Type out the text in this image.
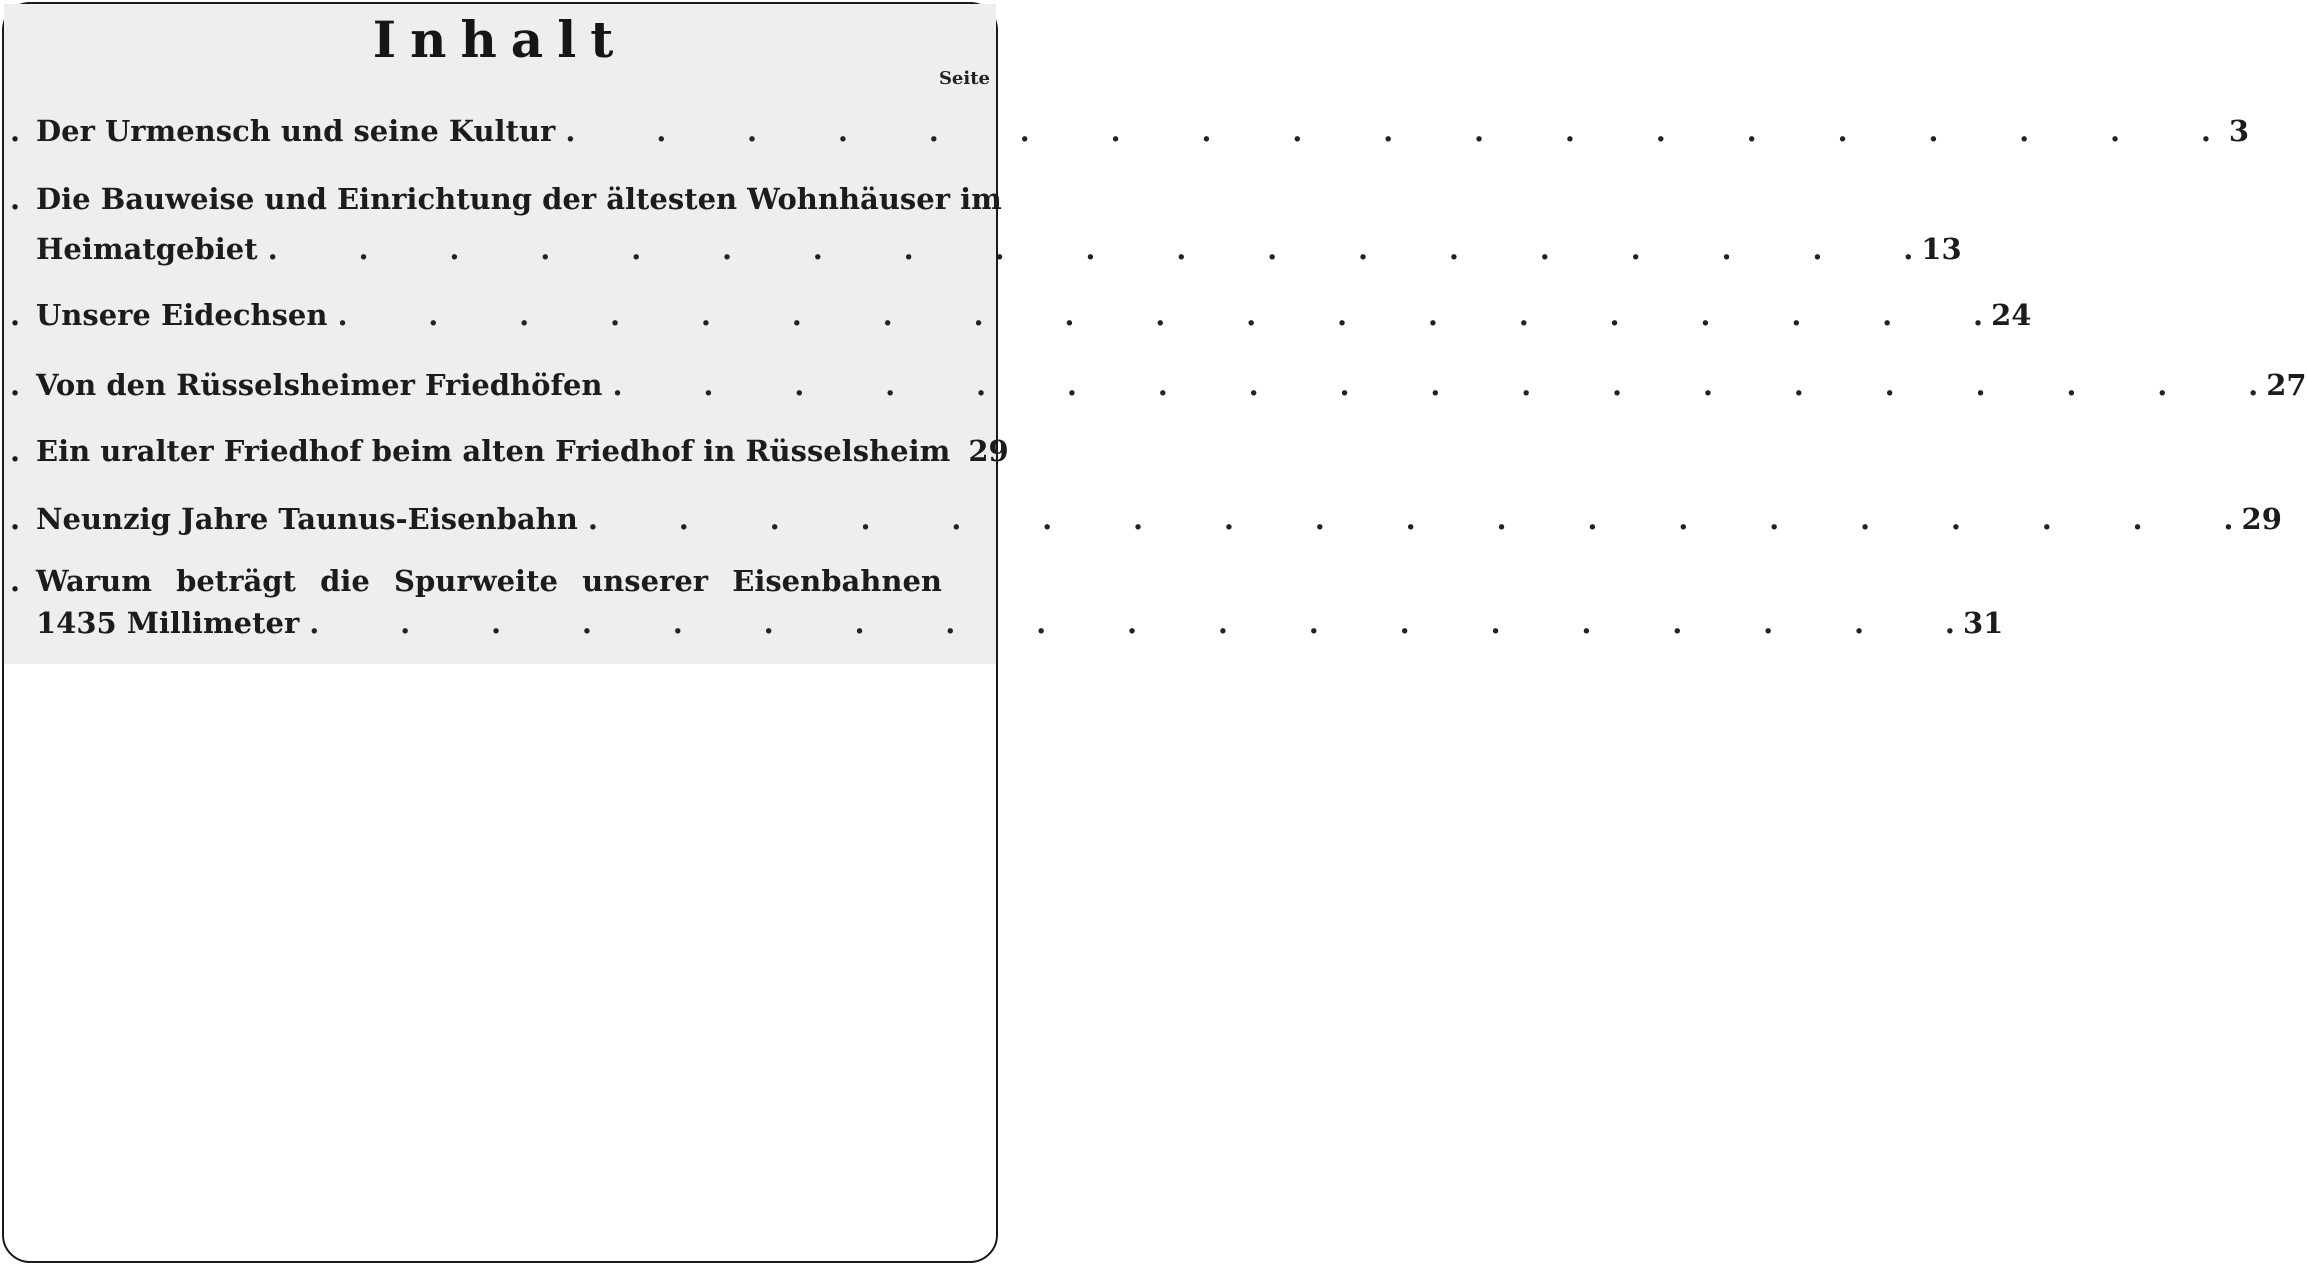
Inhalt
Seite
. Der Urmensch und seine Kultur .	3
. Die Bauweise und Einrichtung der ältesten Wohnhäuser im
Heimatgebiet .	13
. Unsere Eidechsen .	24
. Von den Rüsselsheimer Friedhöfen .	27
. Ein uralter Friedhof beim alten Friedhof in Rüsselsheim 29
. Neunzig Jahre Taunus-Eisenbahn .	29
. Warum beträgt die Spurweite unserer Eisenbahnen
1435 Millimeter .	31
